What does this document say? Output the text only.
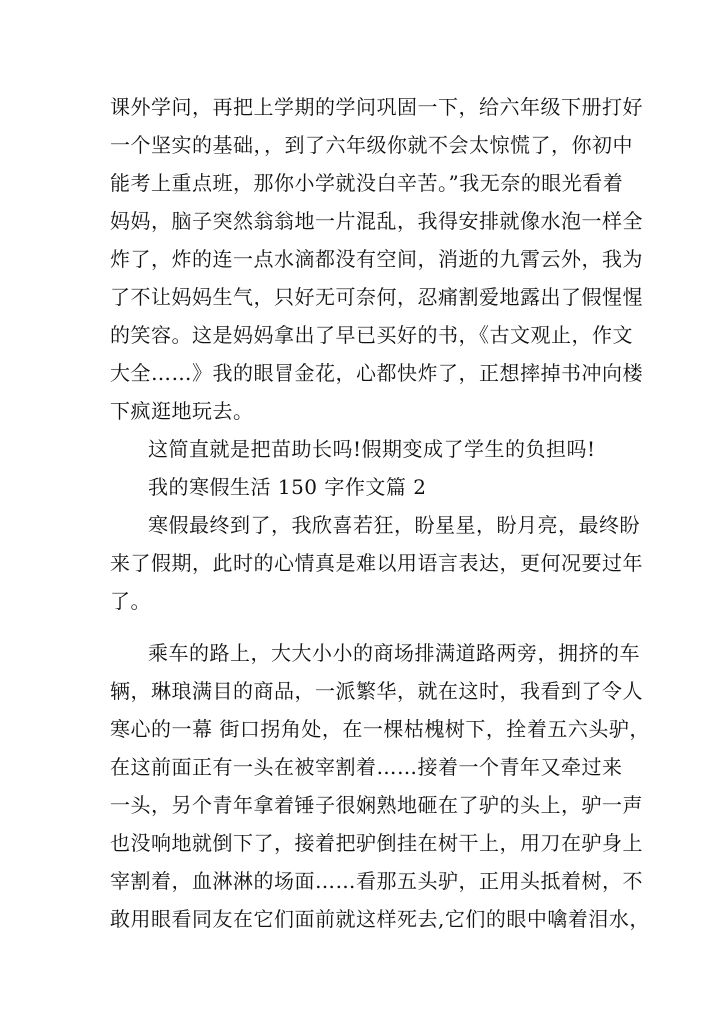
课外学问，再把上学期的学问巩固一下，给六年级下册打好
一个坚实的基础，，到了六年级你就不会太惊慌了，你初中
能考上重点班，那你小学就没白辛苦。”我无奈的眼光看着
妈妈，脑子突然翁翁地一片混乱，我得安排就像水泡一样全
炸了，炸的连一点水滴都没有空间，消逝的九霄云外，我为
了不让妈妈生气，只好无可奈何，忍痛割爱地露出了假惺惺
的笑容。这是妈妈拿出了早已买好的书，《古文观止，作文
大全……》我的眼冒金花，心都快炸了，正想摔掉书冲向楼
下疯逛地玩去。
这简直就是把苗助长吗!假期变成了学生的负担吗!
我的寒假生活 150 字作文篇 2
寒假最终到了，我欣喜若狂，盼星星，盼月亮，最终盼
来了假期，此时的心情真是难以用语言表达，更何况要过年
了。
乘车的路上，大大小小的商场排满道路两旁，拥挤的车
辆，琳琅满目的商品，一派繁华，就在这时，我看到了令人
寒心的一幕 街口拐角处，在一棵枯槐树下，拴着五六头驴，
在这前面正有一头在被宰割着……接着一个青年又牵过来
一头，另个青年拿着锤子很娴熟地砸在了驴的头上，驴一声
也没响地就倒下了，接着把驴倒挂在树干上，用刀在驴身上
宰割着，血淋淋的场面……看那五头驴，正用头抵着树，不
敢用眼看同友在它们面前就这样死去,它们的眼中噙着泪水，
